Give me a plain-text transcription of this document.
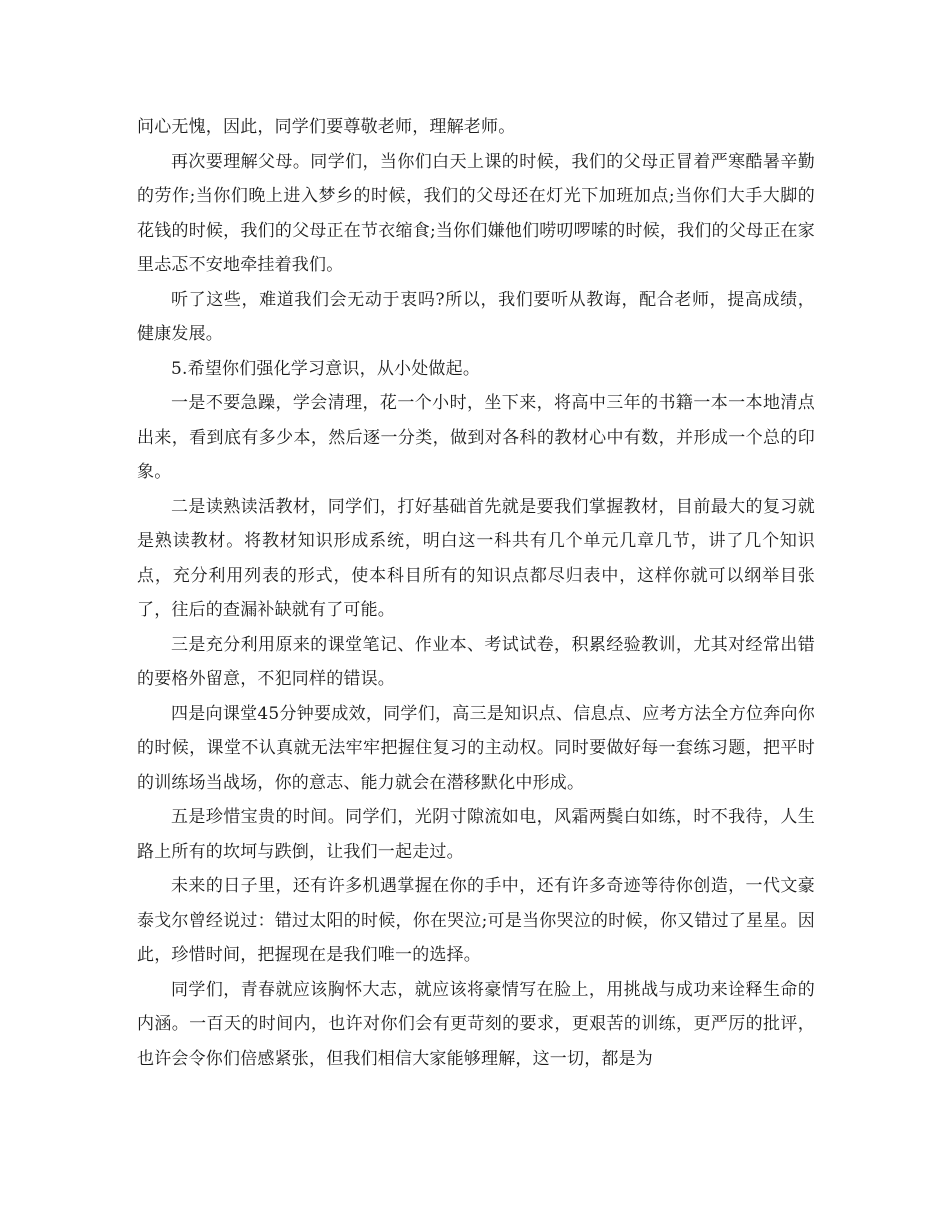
问心无愧，因此，同学们要尊敬老师，理解老师。

再次要理解父母。同学们，当你们白天上课的时候，我们的父母正冒着严寒酷暑辛勤的劳作;当你们晚上进入梦乡的时候，我们的父母还在灯光下加班加点;当你们大手大脚的花钱的时候，我们的父母正在节衣缩食;当你们嫌他们唠叨啰嗦的时候，我们的父母正在家里忐忑不安地牵挂着我们。

听了这些，难道我们会无动于衷吗?所以，我们要听从教诲，配合老师，提高成绩，健康发展。

5.希望你们强化学习意识，从小处做起。

一是不要急躁，学会清理，花一个小时，坐下来，将高中三年的书籍一本一本地清点出来，看到底有多少本，然后逐一分类，做到对各科的教材心中有数，并形成一个总的印象。

二是读熟读活教材，同学们，打好基础首先就是要我们掌握教材，目前最大的复习就是熟读教材。将教材知识形成系统，明白这一科共有几个单元几章几节，讲了几个知识点，充分利用列表的形式，使本科目所有的知识点都尽归表中，这样你就可以纲举目张了，往后的查漏补缺就有了可能。

三是充分利用原来的课堂笔记、作业本、考试试卷，积累经验教训，尤其对经常出错的要格外留意，不犯同样的错误。

四是向课堂45分钟要成效，同学们，高三是知识点、信息点、应考方法全方位奔向你的时候，课堂不认真就无法牢牢把握住复习的主动权。同时要做好每一套练习题，把平时的训练场当战场，你的意志、能力就会在潜移默化中形成。

五是珍惜宝贵的时间。同学们，光阴寸隙流如电，风霜两鬓白如练，时不我待，人生路上所有的坎坷与跌倒，让我们一起走过。

未来的日子里，还有许多机遇掌握在你的手中，还有许多奇迹等待你创造，一代文豪泰戈尔曾经说过：错过太阳的时候，你在哭泣;可是当你哭泣的时候，你又错过了星星。因此，珍惜时间，把握现在是我们唯一的选择。

同学们，青春就应该胸怀大志，就应该将豪情写在脸上，用挑战与成功来诠释生命的内涵。一百天的时间内，也许对你们会有更苛刻的要求，更艰苦的训练，更严厉的批评，也许会令你们倍感紧张，但我们相信大家能够理解，这一切，都是为
